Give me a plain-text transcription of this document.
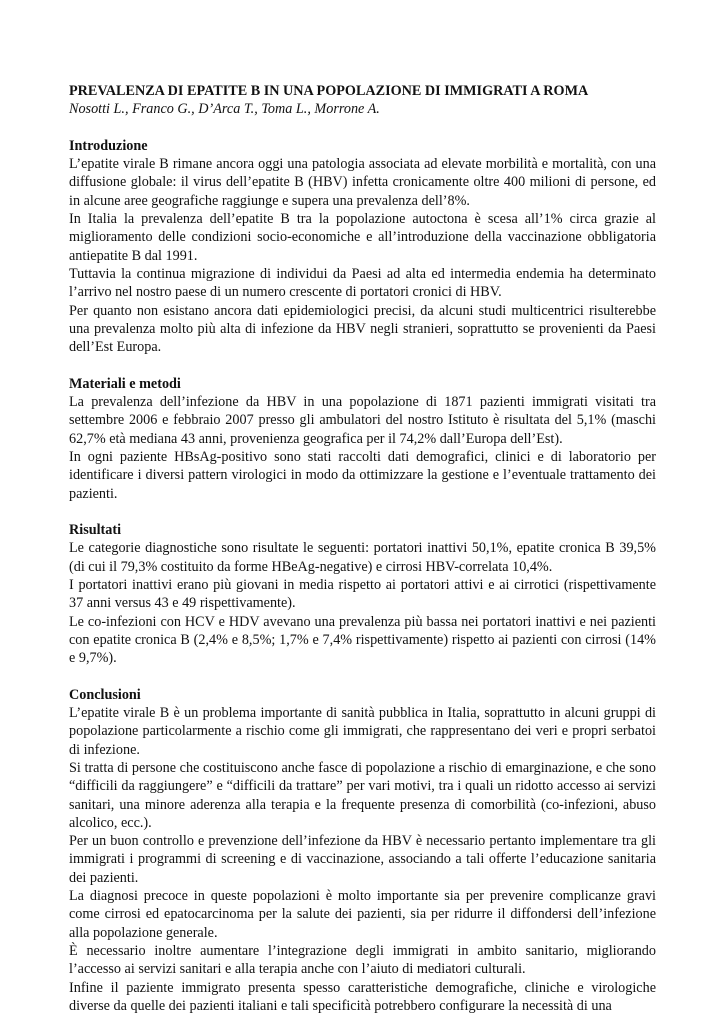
PREVALENZA DI EPATITE B IN UNA POPOLAZIONE DI IMMIGRATI A ROMA

Nosotti L., Franco G., D’Arca T., Toma L., Morrone A.

Introduzione

L’epatite virale B rimane ancora oggi una patologia associata ad elevate morbilità e mortalità, con una diffusione globale: il virus dell’epatite B (HBV) infetta cronicamente oltre 400 milioni di persone, ed in alcune aree geografiche raggiunge e supera una prevalenza dell’8%.

In Italia la prevalenza dell’epatite B tra la popolazione autoctona è scesa all’1% circa grazie al miglioramento delle condizioni socio-economiche e all’introduzione della vaccinazione obbligatoria antiepatite B dal 1991.

Tuttavia la continua migrazione di individui da Paesi ad alta ed intermedia endemia ha determinato l’arrivo nel nostro paese di un numero crescente di portatori cronici di HBV.

Per quanto non esistano ancora dati epidemiologici precisi, da alcuni studi multicentrici risulterebbe una prevalenza molto più alta di infezione da HBV negli stranieri, soprattutto se provenienti da Paesi dell’Est Europa.

Materiali e metodi

La prevalenza dell’infezione da HBV in una popolazione di 1871 pazienti immigrati visitati tra settembre 2006 e febbraio 2007 presso gli ambulatori del nostro Istituto è risultata del 5,1% (maschi 62,7% età mediana 43 anni, provenienza geografica per il 74,2% dall’Europa dell’Est).

In ogni paziente HBsAg-positivo sono stati raccolti dati demografici, clinici e di laboratorio per identificare i diversi pattern virologici in modo da ottimizzare la gestione e l’eventuale trattamento dei pazienti.

Risultati

Le categorie diagnostiche sono risultate le seguenti: portatori inattivi 50,1%, epatite cronica B 39,5% (di cui il 79,3% costituito da forme HBeAg-negative) e cirrosi HBV-correlata 10,4%.

I portatori inattivi erano più giovani in media rispetto ai portatori attivi e ai cirrotici (rispettivamente 37 anni versus 43 e 49 rispettivamente).

Le co-infezioni con HCV e HDV avevano una prevalenza più bassa nei portatori inattivi e nei pazienti con epatite cronica B (2,4% e 8,5%; 1,7% e 7,4% rispettivamente) rispetto ai pazienti con cirrosi (14% e 9,7%).

Conclusioni

L’epatite virale B è un problema importante di sanità pubblica in Italia, soprattutto in alcuni gruppi di popolazione particolarmente a rischio come gli immigrati, che rappresentano dei veri e propri serbatoi di infezione.

Si tratta di persone che costituiscono anche fasce di popolazione a rischio di emarginazione, e che sono “difficili da raggiungere” e “difficili da trattare” per vari motivi, tra i quali un ridotto accesso ai servizi sanitari, una minore aderenza alla terapia e la frequente presenza di comorbilità (co-infezioni, abuso alcolico, ecc.).

Per un buon controllo e prevenzione dell’infezione da HBV è necessario pertanto implementare tra gli immigrati i programmi di screening e di vaccinazione, associando a tali offerte l’educazione sanitaria dei pazienti.

La diagnosi precoce in queste popolazioni è molto importante sia per prevenire complicanze gravi come cirrosi ed epatocarcinoma per la salute dei pazienti, sia per ridurre il diffondersi dell’infezione alla popolazione generale.

È necessario inoltre aumentare l’integrazione degli immigrati in ambito sanitario, migliorando l’accesso ai servizi sanitari e alla terapia anche con l’aiuto di mediatori culturali.

Infine il paziente immigrato presenta spesso caratteristiche demografiche, cliniche e virologiche diverse da quelle dei pazienti italiani e tali specificità potrebbero configurare la necessità di una
